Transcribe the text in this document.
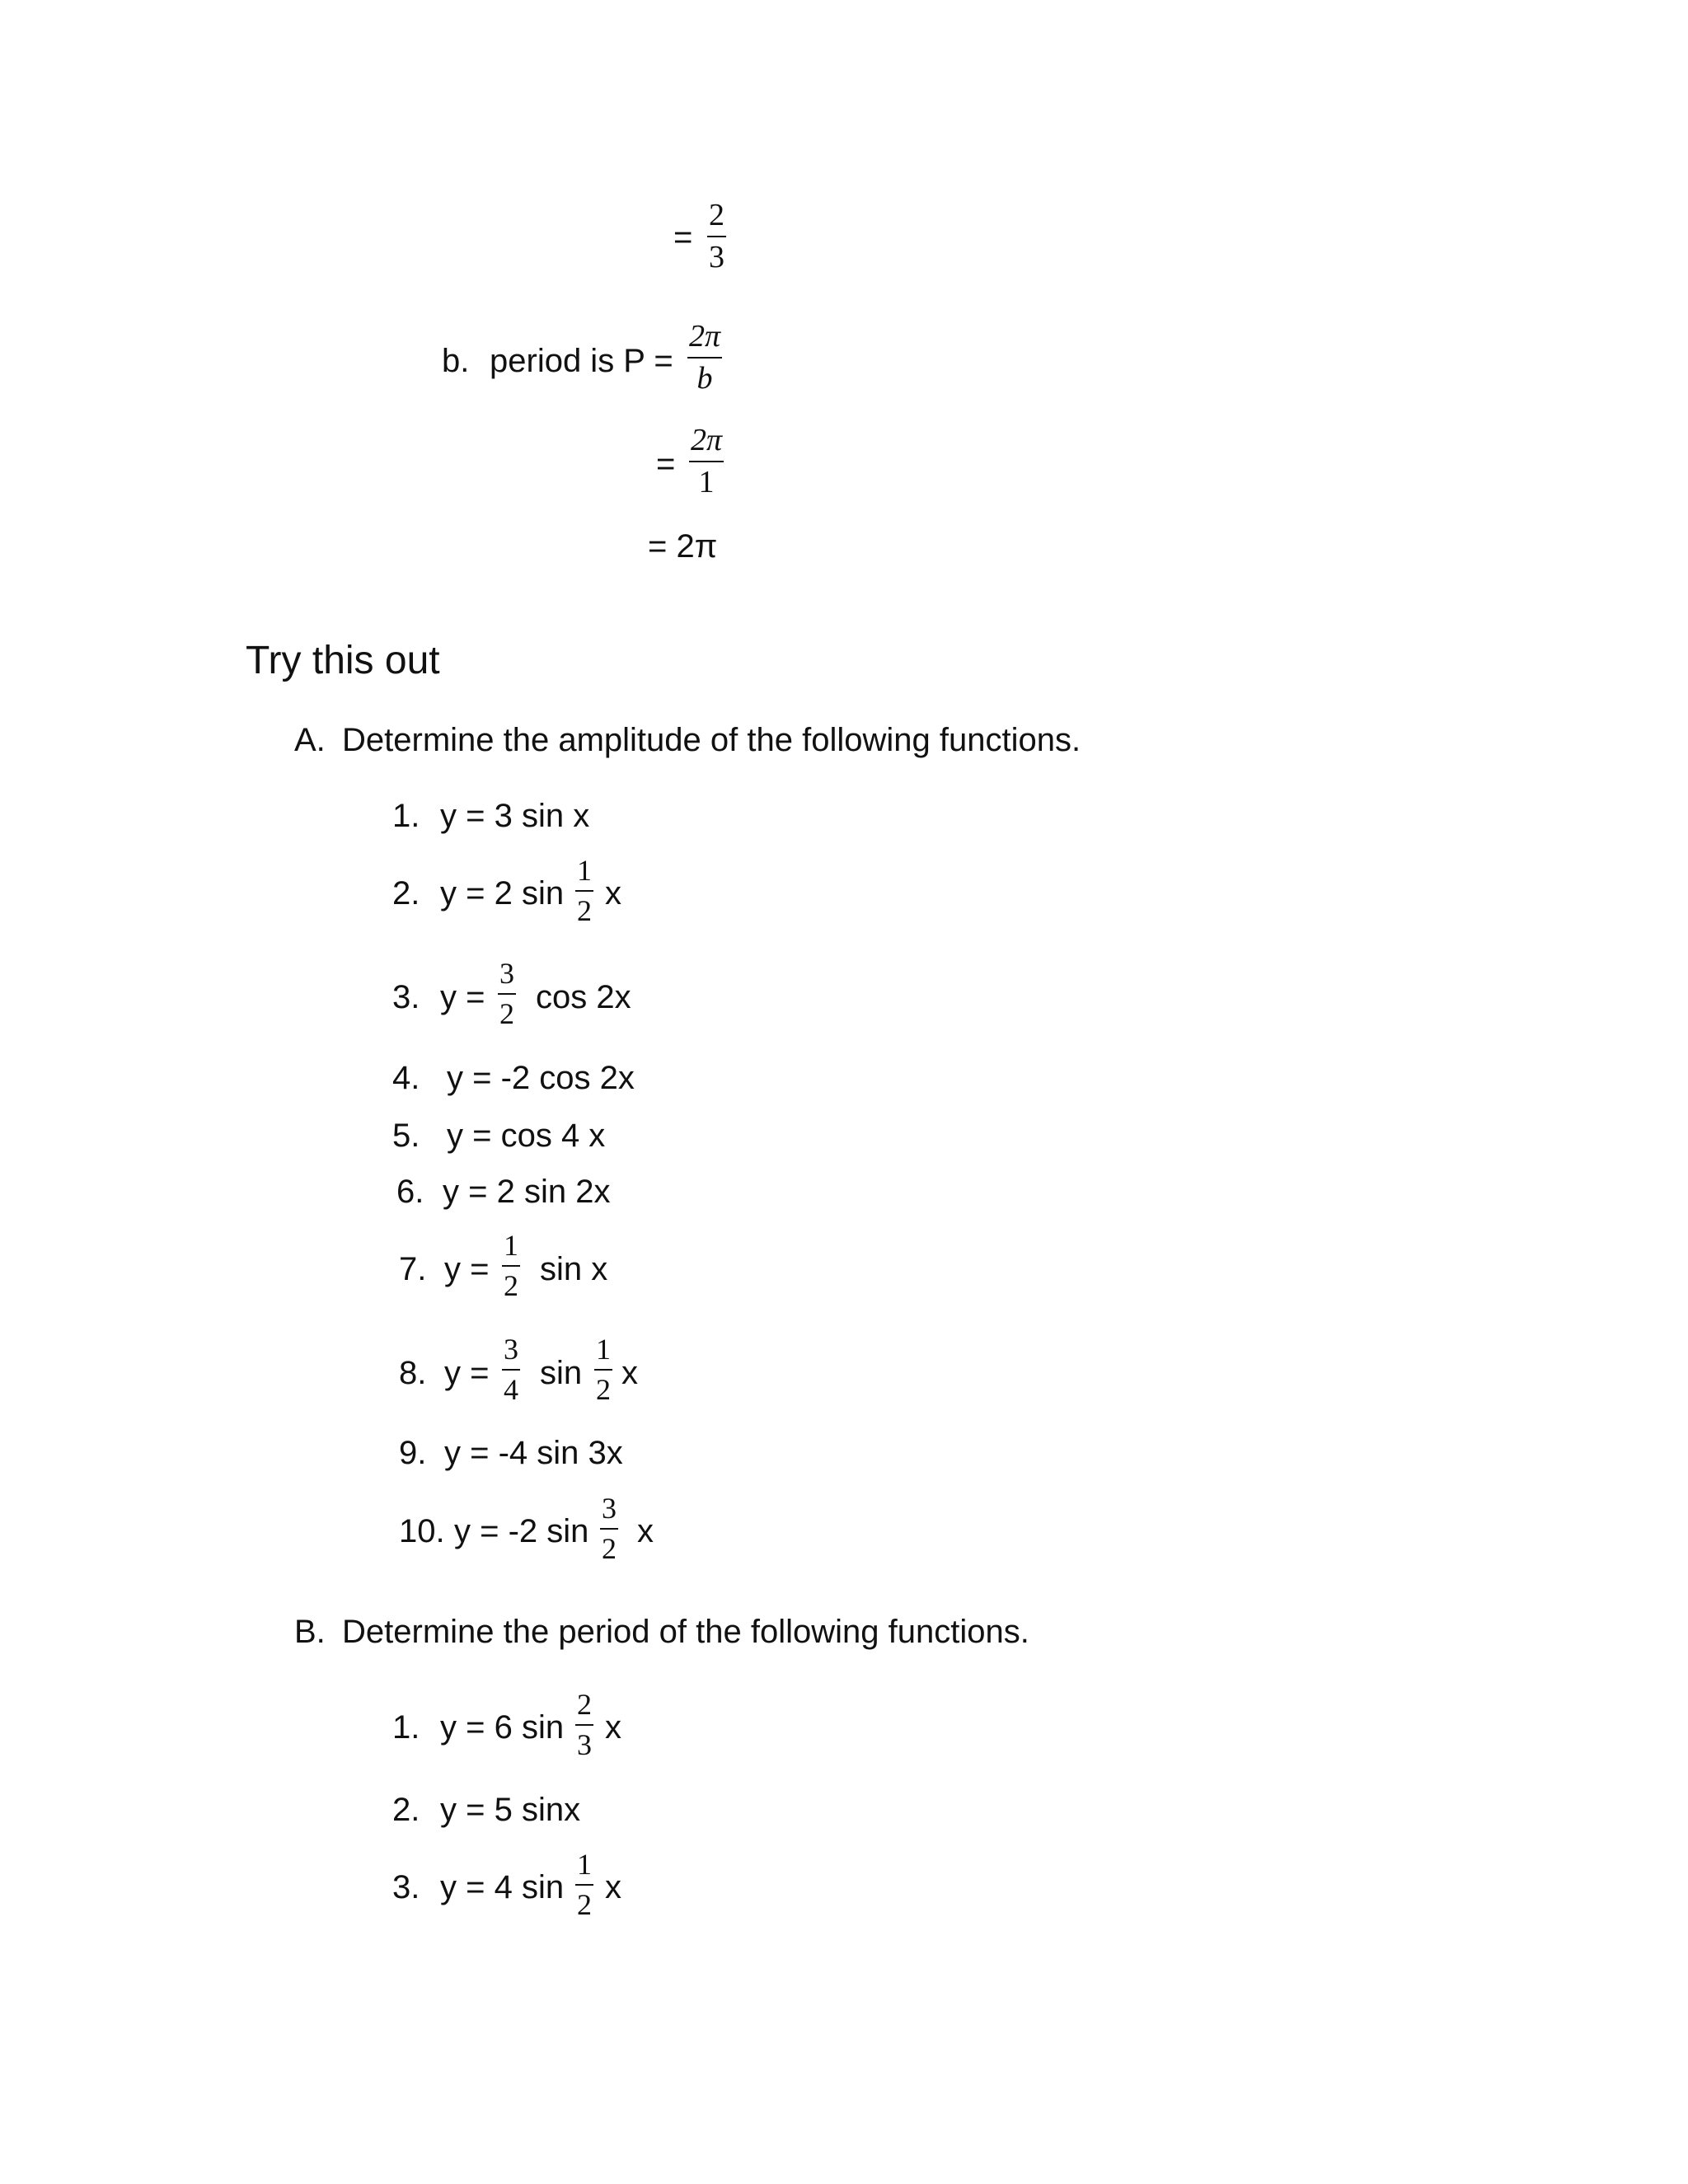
=
2
3
b. period is P =
2π
b
=
2π
1
= 2π
Try this out
A. Determine the amplitude of the following functions.
1. y = 3 sin x
2. y = 2 sin
1
2 x
3. y =
3
2 cos 2x
4. y = -2 cos 2x
5. y = cos 4 x
6. y = 2 sin 2x
7. y =
1
2 sin x
8. y =
3
4 sin
1
2 x
9. y = -4 sin 3x
10. y = -2 sin
3
2 x
B. Determine the period of the following functions.
1. y = 6 sin
2
3 x
2. y = 5 sinx
3. y = 4 sin
1
2 x
